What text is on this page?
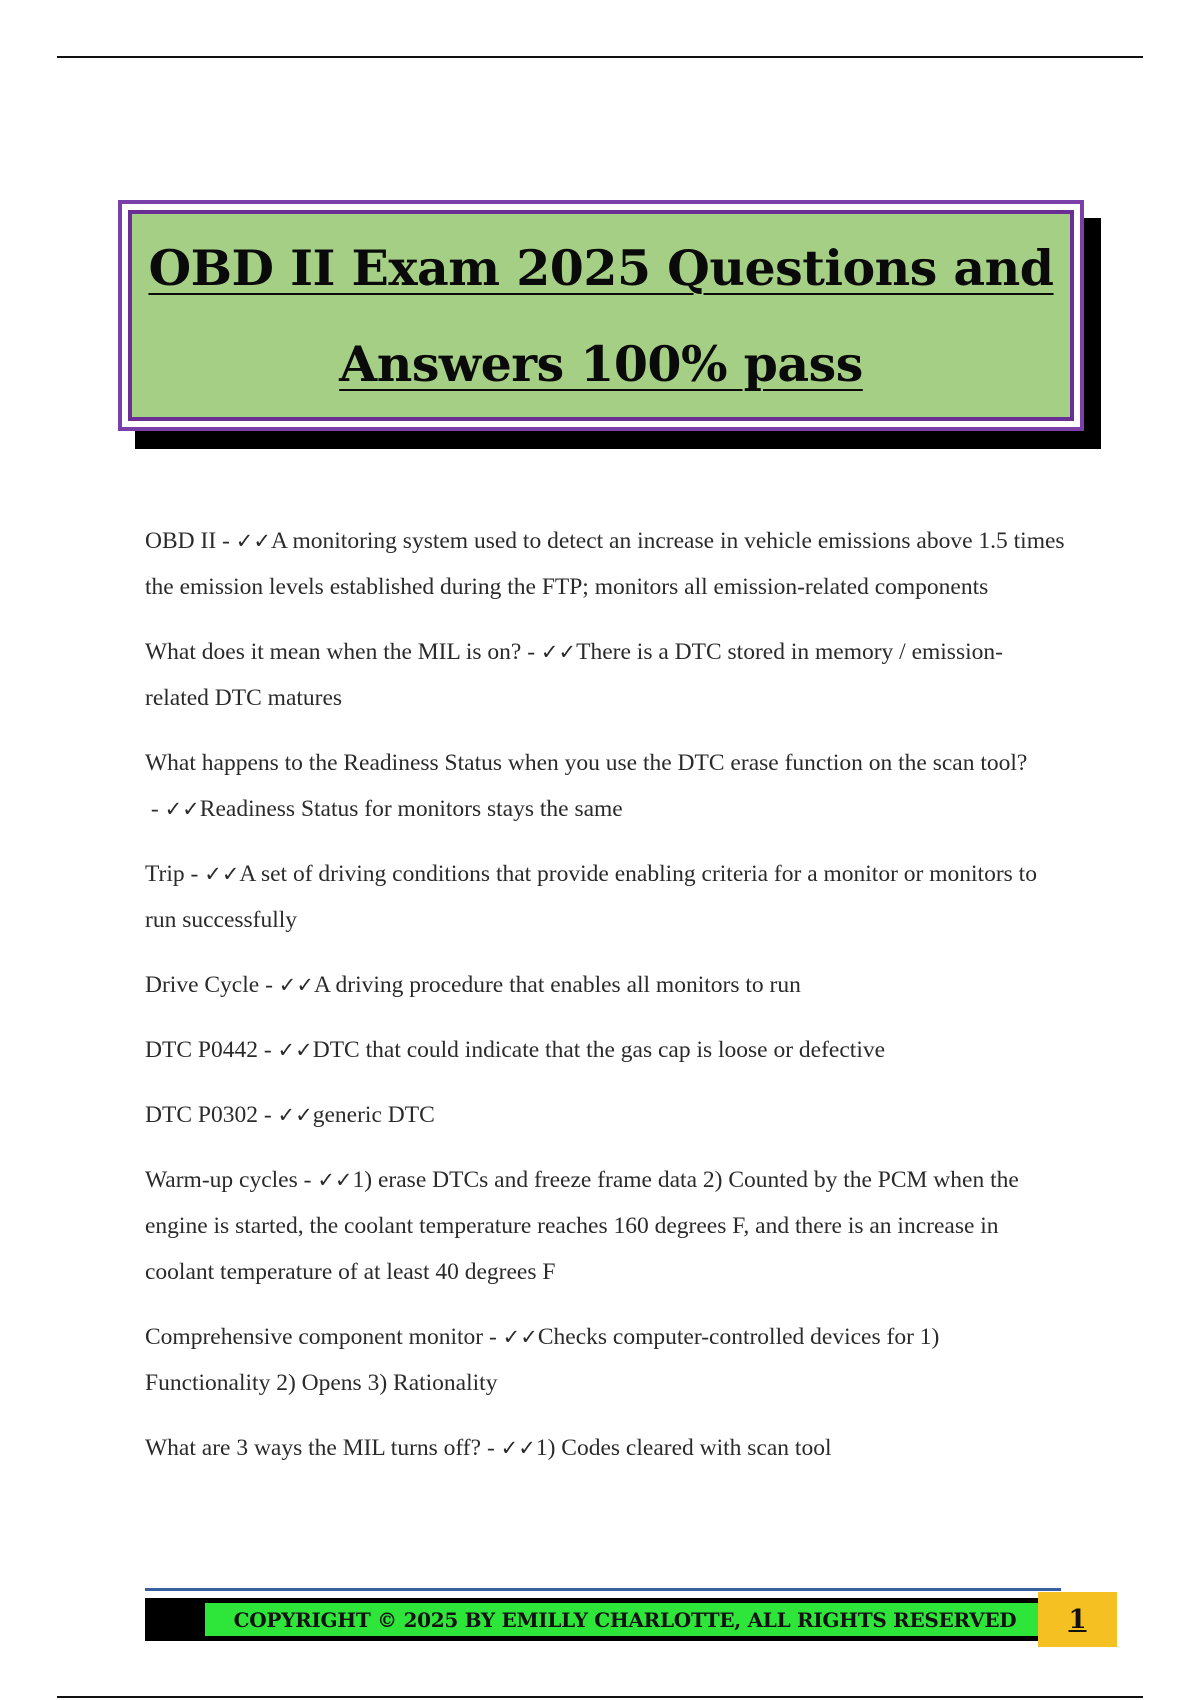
OBD II Exam 2025 Questions and
Answers 100% pass

OBD II - ✓✓A monitoring system used to detect an increase in vehicle emissions above 1.5 times the emission levels established during the FTP; monitors all emission-related components

What does it mean when the MIL is on? - ✓✓There is a DTC stored in memory / emission-related DTC matures

What happens to the Readiness Status when you use the DTC erase function on the scan tool? - ✓✓Readiness Status for monitors stays the same

Trip - ✓✓A set of driving conditions that provide enabling criteria for a monitor or monitors to run successfully

Drive Cycle - ✓✓A driving procedure that enables all monitors to run

DTC P0442 - ✓✓DTC that could indicate that the gas cap is loose or defective

DTC P0302 - ✓✓generic DTC

Warm-up cycles - ✓✓1) erase DTCs and freeze frame data 2) Counted by the PCM when the engine is started, the coolant temperature reaches 160 degrees F, and there is an increase in coolant temperature of at least 40 degrees F

Comprehensive component monitor - ✓✓Checks computer-controlled devices for 1) Functionality 2) Opens 3) Rationality

What are 3 ways the MIL turns off? - ✓✓1) Codes cleared with scan tool

COPYRIGHT © 2025 BY EMILLY CHARLOTTE, ALL RIGHTS RESERVED 1
